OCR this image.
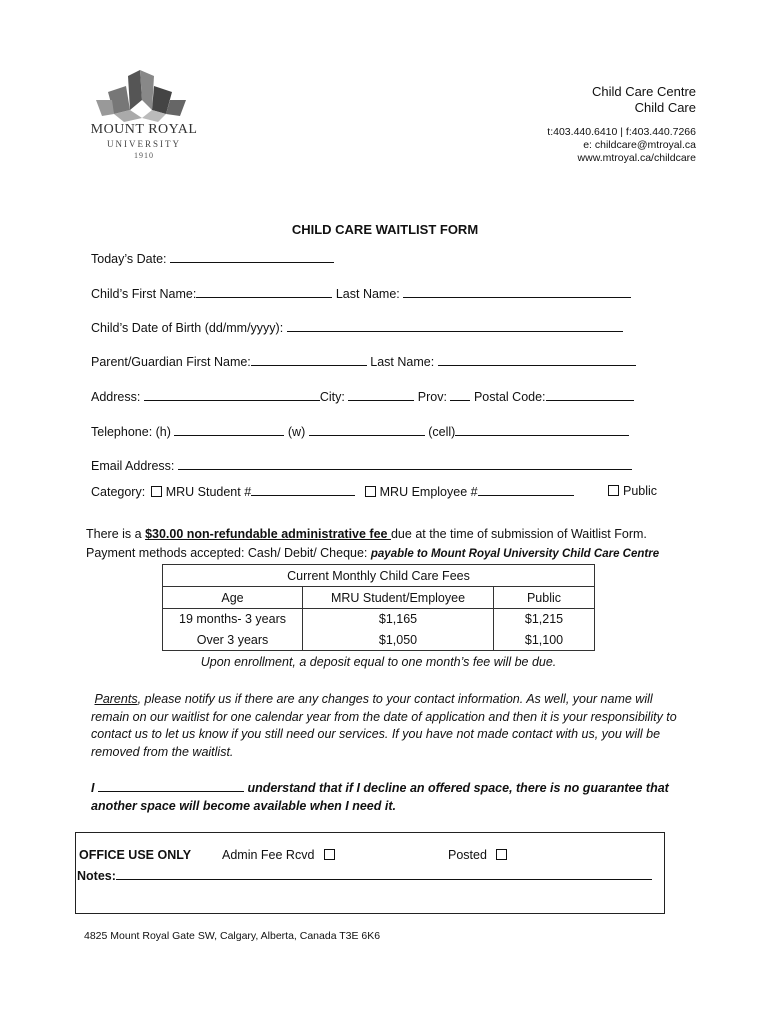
MOUNT ROYAL
UNIVERSITY
1910
Child Care Centre
Child Care
t:403.440.6410 | f:403.440.7266
e: childcare@mtroyal.ca
www.mtroyal.ca/childcare
CHILD CARE WAITLIST FORM
Today’s Date:
Child’s First Name:	Last Name:
Child’s Date of Birth (dd/mm/yyyy):
Parent/Guardian First Name:	Last Name:
Address:	City:	Prov: Postal Code:
Telephone: (h)	(w)	(cell)
Email Address:
Category: MRU Student #	MRU Employee #	Public
There is a $30.00 non-refundable administrative fee due at the time of submission of Waitlist Form.
Payment methods accepted: Cash/ Debit/ Cheque: payable to Mount Royal University Child Care Centre
Current Monthly Child Care Fees		
Age	MRU Student/Employee	Public
19 months- 3 years	$1,165	$1,215
Over 3 years	$1,050	$1,100
Upon enrollment, a deposit equal to one month’s fee will be due.
Parents, please notify us if there are any changes to your contact information. As well, your name will remain on our waitlist for one calendar year from the date of application and then it is your responsibility to contact us to let us know if you still need our services. If you have not made contact with us, you will be removed from the waitlist.
I	understand that if I decline an offered space, there is no guarantee that another space will become available when I need it.
OFFICE USE ONLY Admin Fee Rcvd	Posted
Notes:
4825 Mount Royal Gate SW, Calgary, Alberta, Canada T3E 6K6
